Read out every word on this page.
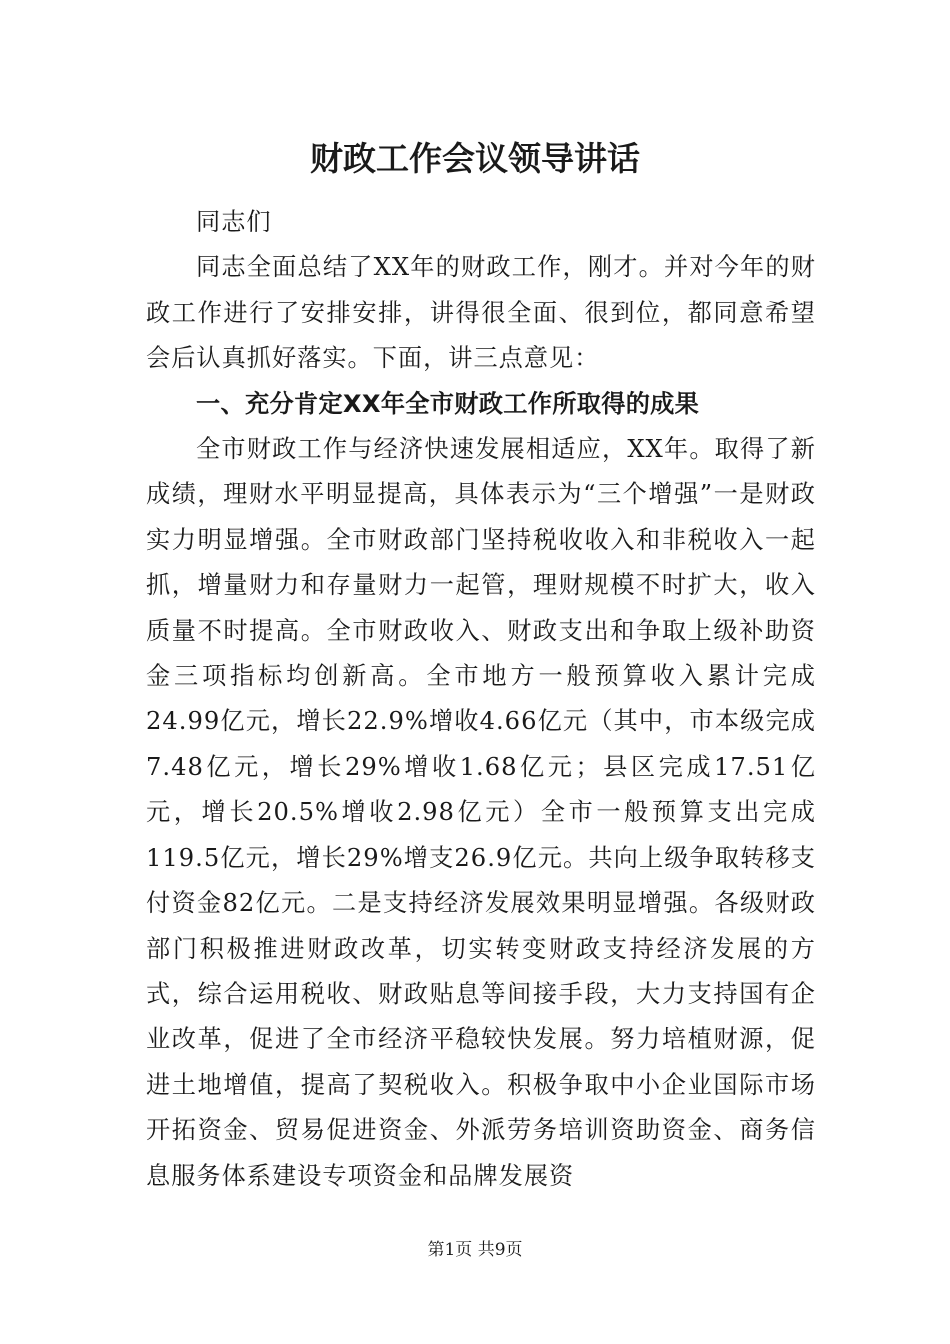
财政工作会议领导讲话

同志们

同志全面总结了XX年的财政工作，刚才。并对今年的财政工作进行了安排安排，讲得很全面、很到位，都同意希望会后认真抓好落实。下面，讲三点意见：

一、充分肯定XX年全市财政工作所取得的成果

全市财政工作与经济快速发展相适应，XX年。取得了新成绩，理财水平明显提高，具体表示为“三个增强”一是财政实力明显增强。全市财政部门坚持税收收入和非税收入一起抓，增量财力和存量财力一起管，理财规模不时扩大，收入质量不时提高。全市财政收入、财政支出和争取上级补助资金三项指标均创新高。全市地方一般预算收入累计完成24.99亿元，增长22.9%增收4.66亿元（其中，市本级完成7.48亿元，增长29%增收1.68亿元；县区完成17.51亿元，增长20.5%增收2.98亿元）全市一般预算支出完成119.5亿元，增长29%增支26.9亿元。共向上级争取转移支付资金82亿元。二是支持经济发展效果明显增强。各级财政部门积极推进财政改革，切实转变财政支持经济发展的方式，综合运用税收、财政贴息等间接手段，大力支持国有企业改革，促进了全市经济平稳较快发展。努力培植财源，促进土地增值，提高了契税收入。积极争取中小企业国际市场开拓资金、贸易促进资金、外派劳务培训资助资金、商务信息服务体系建设专项资金和品牌发展资

第1页 共9页
